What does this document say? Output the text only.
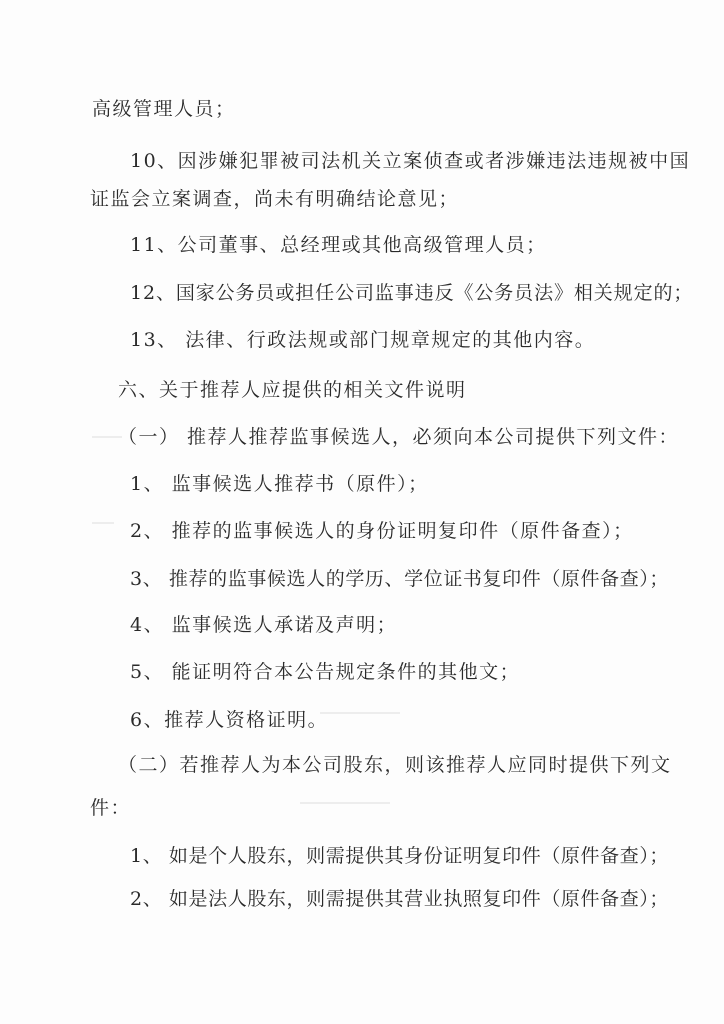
高级管理人员；
10、因涉嫌犯罪被司法机关立案侦查或者涉嫌违法违规被中国
证监会立案调查，尚未有明确结论意见；
11、公司董事、总经理或其他高级管理人员；
12、国家公务员或担任公司监事违反《公务员法》相关规定的；
13、 法律、行政法规或部门规章规定的其他内容。
六、关于推荐人应提供的相关文件说明
（一） 推荐人推荐监事候选人，必须向本公司提供下列文件：
1、 监事候选人推荐书（原件）；
2、 推荐的监事候选人的身份证明复印件（原件备查）；
3、 推荐的监事候选人的学历、学位证书复印件（原件备查）；
4、 监事候选人承诺及声明；
5、 能证明符合本公告规定条件的其他文；
6、推荐人资格证明。
（二）若推荐人为本公司股东，则该推荐人应同时提供下列文
件：
1、 如是个人股东，则需提供其身份证明复印件（原件备查）；
2、 如是法人股东，则需提供其营业执照复印件（原件备查）；
